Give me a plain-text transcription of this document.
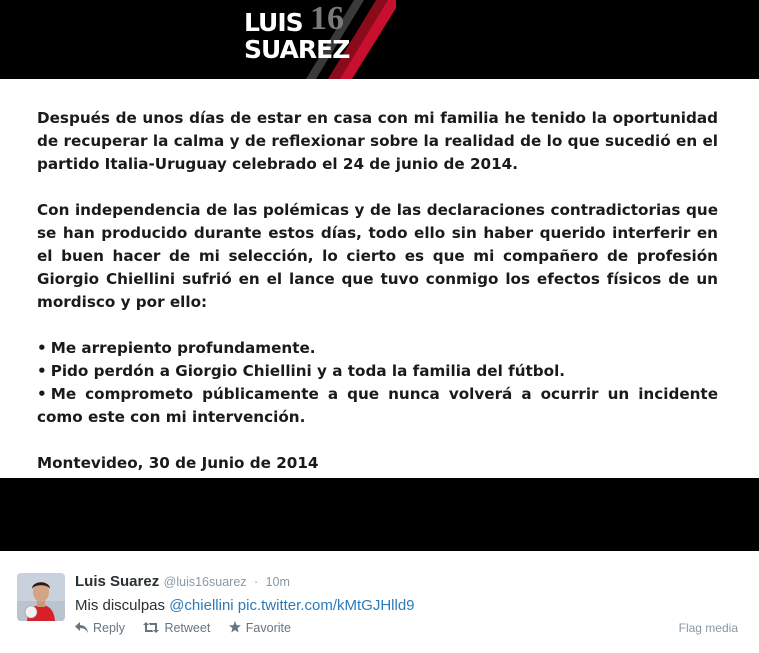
LUIS 16
SUAREZ

Después de unos días de estar en casa con mi familia he tenido la oportunidad de recuperar la calma y de reflexionar sobre la realidad de lo que sucedió en el partido Italia-Uruguay celebrado el 24 de junio de 2014.

Con independencia de las polémicas y de las declaraciones contradictorias que se han producido durante estos días, todo ello sin haber querido interferir en el buen hacer de mi selección, lo cierto es que mi compañero de profesión Giorgio Chiellini sufrió en el lance que tuvo conmigo los efectos físicos de un mordisco y por ello:

• Me arrepiento profundamente.
• Pido perdón a Giorgio Chiellini y a toda la familia del fútbol.
• Me comprometo públicamente a que nunca volverá a ocurrir un incidente como este con mi intervención.

Montevideo, 30 de Junio de 2014

Luis Suarez @luis16suarez · 10m
Mis disculpas @chiellini pic.twitter.com/kMtGJHlld9
Reply	Retweet	Favorite	Flag media
